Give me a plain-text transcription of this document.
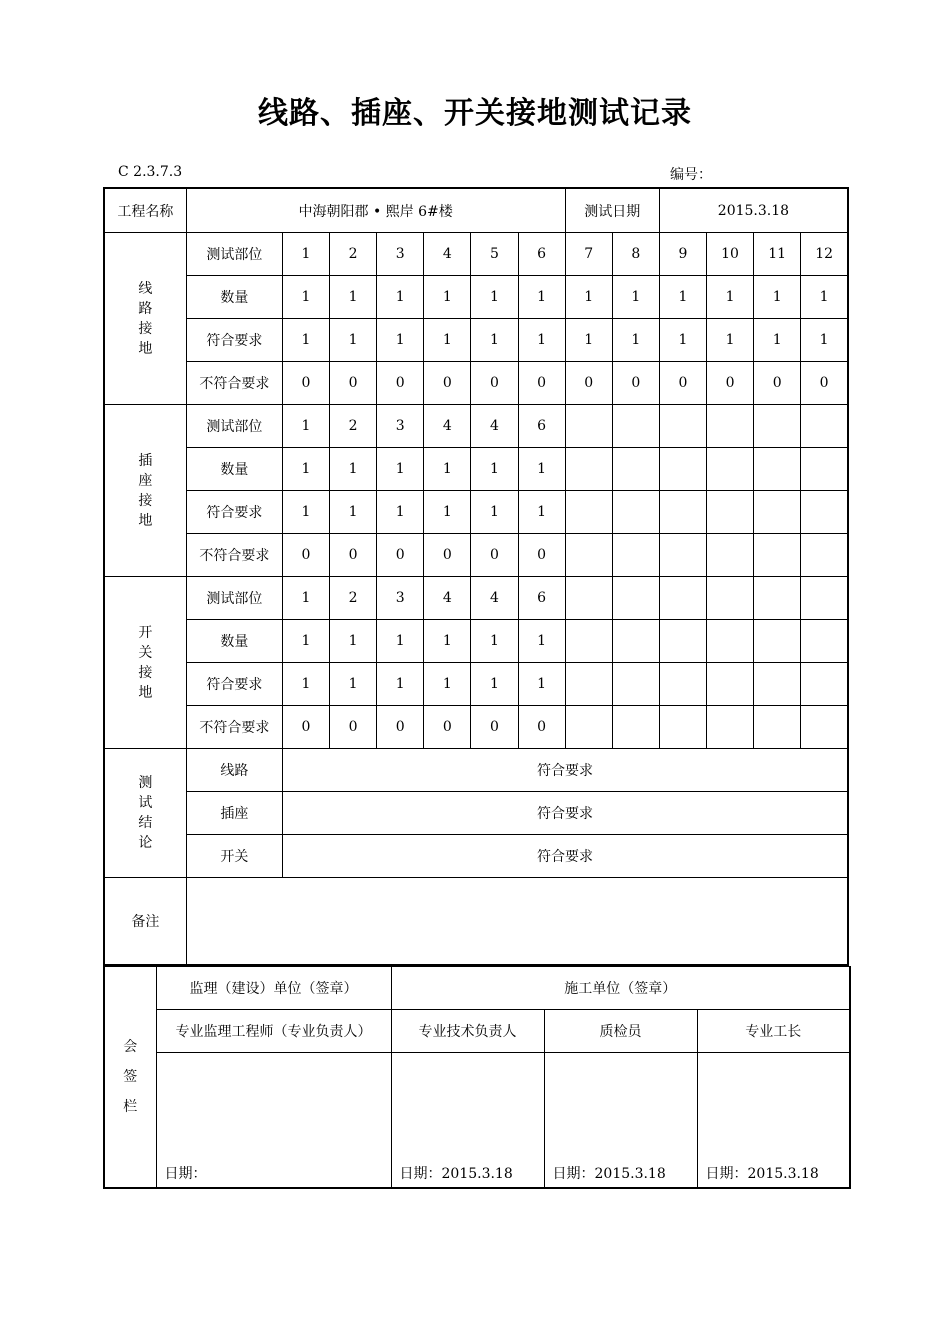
线路、插座、开关接地测试记录
C 2.3.7.3	编号：
工程名称	中海朝阳郡 • 熙岸 6#楼							测试日期		2015.3.18			
线
路
接
地	测试部位	1	2	3	4	5	6	7	8	9	10	11	12
	数量	1	1	1	1	1	1	1	1	1	1	1	1
	符合要求	1	1	1	1	1	1	1	1	1	1	1	1
	不符合要求	0	0	0	0	0	0	0	0	0	0	0	0
插
座
接
地	测试部位	1	2	3	4	4	6						
	数量	1	1	1	1	1	1						
	符合要求	1	1	1	1	1	1						
	不符合要求	0	0	0	0	0	0						
开
关
接
地	测试部位	1	2	3	4	4	6						
	数量	1	1	1	1	1	1						
	符合要求	1	1	1	1	1	1						
	不符合要求	0	0	0	0	0	0						
测
试
结
论	线路	符合要求											
	插座	符合要求											
	开关	符合要求											
备注													
会
签
栏	监理（建设）单位（签章）	施工单位（签章）		
	专业监理工程师（专业负责人）	专业技术负责人	质检员	专业工长
	日期：	日期：2015.3.18	日期：2015.3.18	日期：2015.3.18
